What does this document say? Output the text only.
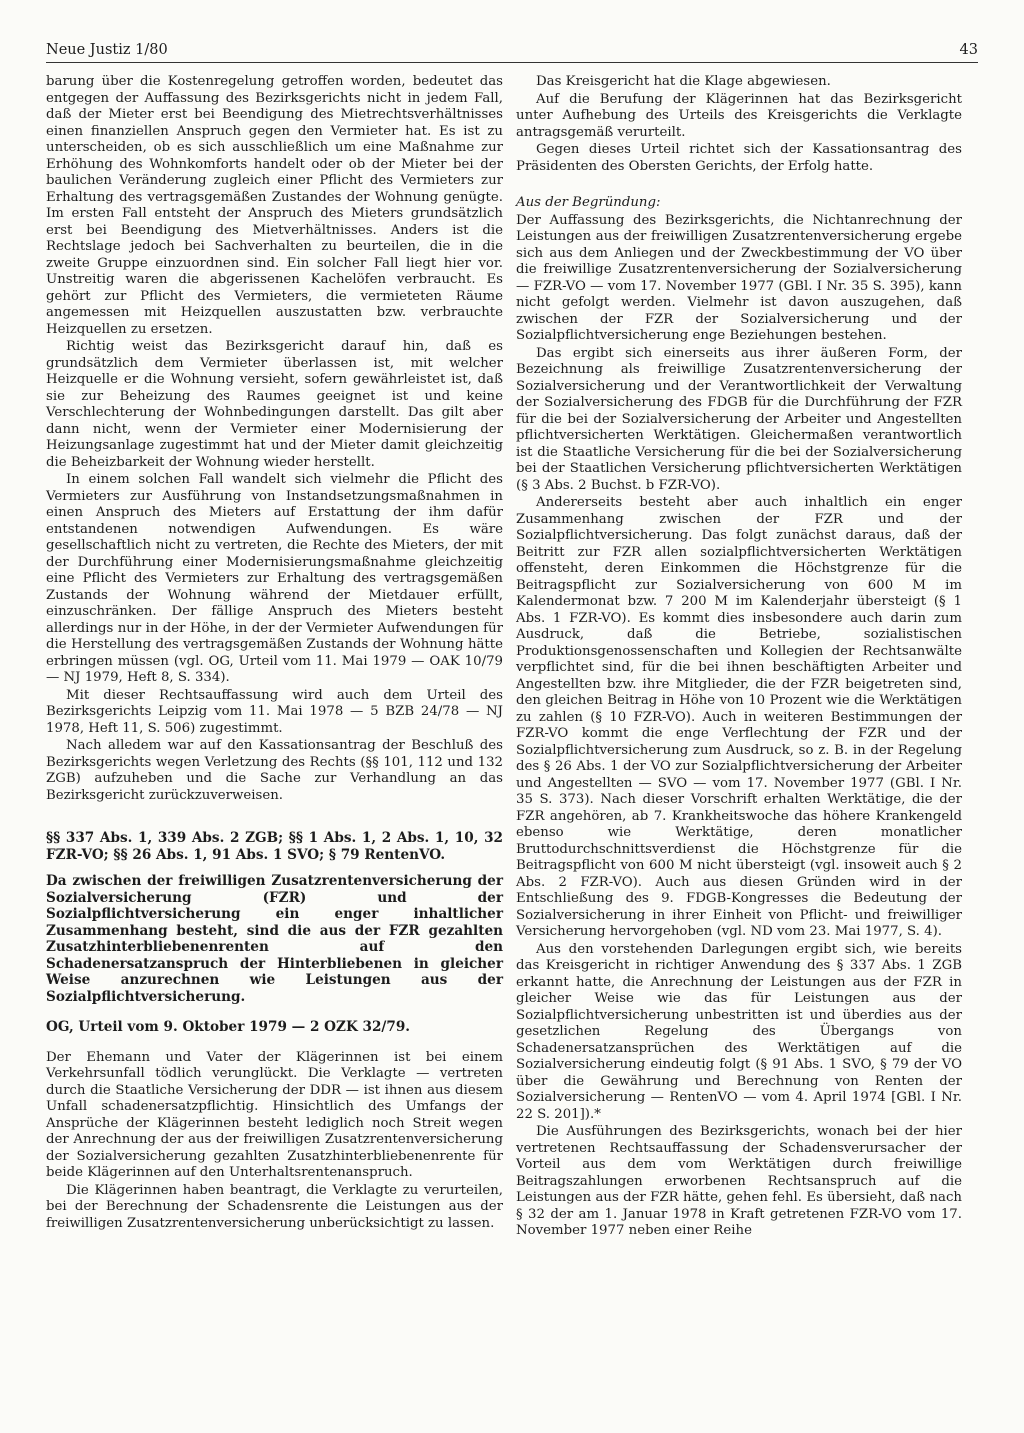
Neue Justiz 1/80	43

barung über die Kostenregelung getroffen worden, bedeutet das entgegen der Auffassung des Bezirksgerichts nicht in jedem Fall, daß der Mieter erst bei Beendigung des Mietrechtsverhältnisses einen finanziellen Anspruch gegen den Vermieter hat. Es ist zu unterscheiden, ob es sich ausschließlich um eine Maßnahme zur Erhöhung des Wohnkomforts handelt oder ob der Mieter bei der baulichen Veränderung zugleich einer Pflicht des Vermieters zur Erhaltung des vertragsgemäßen Zustandes der Wohnung genügte. Im ersten Fall entsteht der Anspruch des Mieters grundsätzlich erst bei Beendigung des Mietverhältnisses. Anders ist die Rechtslage jedoch bei Sachverhalten zu beurteilen, die in die zweite Gruppe einzuordnen sind. Ein solcher Fall liegt hier vor. Unstreitig waren die abgerissenen Kachelöfen verbraucht. Es gehört zur Pflicht des Vermieters, die vermieteten Räume angemessen mit Heizquellen auszustatten bzw. verbrauchte Heizquellen zu ersetzen.

Richtig weist das Bezirksgericht darauf hin, daß es grundsätzlich dem Vermieter überlassen ist, mit welcher Heizquelle er die Wohnung versieht, sofern gewährleistet ist, daß sie zur Beheizung des Raumes geeignet ist und keine Verschlechterung der Wohnbedingungen darstellt. Das gilt aber dann nicht, wenn der Vermieter einer Modernisierung der Heizungsanlage zugestimmt hat und der Mieter damit gleichzeitig die Beheizbarkeit der Wohnung wieder herstellt.

In einem solchen Fall wandelt sich vielmehr die Pflicht des Vermieters zur Ausführung von Instandsetzungsmaßnahmen in einen Anspruch des Mieters auf Erstattung der ihm dafür entstandenen notwendigen Aufwendungen. Es wäre gesellschaftlich nicht zu vertreten, die Rechte des Mieters, der mit der Durchführung einer Modernisierungsmaßnahme gleichzeitig eine Pflicht des Vermieters zur Erhaltung des vertragsgemäßen Zustands der Wohnung während der Mietdauer erfüllt, einzuschränken. Der fällige Anspruch des Mieters besteht allerdings nur in der Höhe, in der der Vermieter Aufwendungen für die Herstellung des vertragsgemäßen Zustands der Wohnung hätte erbringen müssen (vgl. OG, Urteil vom 11. Mai 1979 — OAK 10/79 — NJ 1979, Heft 8, S. 334).

Mit dieser Rechtsauffassung wird auch dem Urteil des Bezirksgerichts Leipzig vom 11. Mai 1978 — 5 BZB 24/78 — NJ 1978, Heft 11, S. 506) zugestimmt.

Nach alledem war auf den Kassationsantrag der Beschluß des Bezirksgerichts wegen Verletzung des Rechts (§§ 101, 112 und 132 ZGB) aufzuheben und die Sache zur Verhandlung an das Bezirksgericht zurückzuverweisen.

§§ 337 Abs. 1, 339 Abs. 2 ZGB; §§ 1 Abs. 1, 2 Abs. 1, 10, 32 FZR-VO; §§ 26 Abs. 1, 91 Abs. 1 SVO; § 79 RentenVO.

Da zwischen der freiwilligen Zusatzrentenversicherung der Sozialversicherung (FZR) und der Sozialpflichtversicherung ein enger inhaltlicher Zusammenhang besteht, sind die aus der FZR gezahlten Zusatzhinterbliebenenrenten auf den Schadenersatzanspruch der Hinterbliebenen in gleicher Weise anzurechnen wie Leistungen aus der Sozialpflichtversicherung.

OG, Urteil vom 9. Oktober 1979 — 2 OZK 32/79.

Der Ehemann und Vater der Klägerinnen ist bei einem Verkehrsunfall tödlich verunglückt. Die Verklagte — vertreten durch die Staatliche Versicherung der DDR — ist ihnen aus diesem Unfall schadenersatzpflichtig. Hinsichtlich des Umfangs der Ansprüche der Klägerinnen besteht lediglich noch Streit wegen der Anrechnung der aus der freiwilligen Zusatzrentenversicherung der Sozialversicherung gezahlten Zusatzhinterbliebenenrente für beide Klägerinnen auf den Unterhaltsrentenanspruch.

Die Klägerinnen haben beantragt, die Verklagte zu verurteilen, bei der Berechnung der Schadensrente die Leistungen aus der freiwilligen Zusatzrentenversicherung unberücksichtigt zu lassen.

Das Kreisgericht hat die Klage abgewiesen.

Auf die Berufung der Klägerinnen hat das Bezirksgericht unter Aufhebung des Urteils des Kreisgerichts die Verklagte antragsgemäß verurteilt.

Gegen dieses Urteil richtet sich der Kassationsantrag des Präsidenten des Obersten Gerichts, der Erfolg hatte.

Aus der Begründung:

Der Auffassung des Bezirksgerichts, die Nichtanrechnung der Leistungen aus der freiwilligen Zusatzrentenversicherung ergebe sich aus dem Anliegen und der Zweckbestimmung der VO über die freiwillige Zusatzrentenversicherung der Sozialversicherung — FZR-VO — vom 17. November 1977 (GBl. I Nr. 35 S. 395), kann nicht gefolgt werden. Vielmehr ist davon auszugehen, daß zwischen der FZR der Sozialversicherung und der Sozialpflichtversicherung enge Beziehungen bestehen.

Das ergibt sich einerseits aus ihrer äußeren Form, der Bezeichnung als freiwillige Zusatzrentenversicherung der Sozialversicherung und der Verantwortlichkeit der Verwaltung der Sozialversicherung des FDGB für die Durchführung der FZR für die bei der Sozialversicherung der Arbeiter und Angestellten pflichtversicherten Werktätigen. Gleichermaßen verantwortlich ist die Staatliche Versicherung für die bei der Sozialversicherung bei der Staatlichen Versicherung pflichtversicherten Werktätigen (§ 3 Abs. 2 Buchst. b FZR-VO).

Andererseits besteht aber auch inhaltlich ein enger Zusammenhang zwischen der FZR und der Sozialpflichtversicherung. Das folgt zunächst daraus, daß der Beitritt zur FZR allen sozialpflichtversicherten Werktätigen offensteht, deren Einkommen die Höchstgrenze für die Beitragspflicht zur Sozialversicherung von 600 M im Kalendermonat bzw. 7 200 M im Kalenderjahr übersteigt (§ 1 Abs. 1 FZR-VO). Es kommt dies insbesondere auch darin zum Ausdruck, daß die Betriebe, sozialistischen Produktionsgenossenschaften und Kollegien der Rechtsanwälte verpflichtet sind, für die bei ihnen beschäftigten Arbeiter und Angestellten bzw. ihre Mitglieder, die der FZR beigetreten sind, den gleichen Beitrag in Höhe von 10 Prozent wie die Werktätigen zu zahlen (§ 10 FZR-VO). Auch in weiteren Bestimmungen der FZR-VO kommt die enge Verflechtung der FZR und der Sozialpflichtversicherung zum Ausdruck, so z. B. in der Regelung des § 26 Abs. 1 der VO zur Sozialpflichtversicherung der Arbeiter und Angestellten — SVO — vom 17. November 1977 (GBl. I Nr. 35 S. 373). Nach dieser Vorschrift erhalten Werktätige, die der FZR angehören, ab 7. Krankheitswoche das höhere Krankengeld ebenso wie Werktätige, deren monatlicher Bruttodurchschnittsverdienst die Höchstgrenze für die Beitragspflicht von 600 M nicht übersteigt (vgl. insoweit auch § 2 Abs. 2 FZR-VO). Auch aus diesen Gründen wird in der Entschließung des 9. FDGB-Kongresses die Bedeutung der Sozialversicherung in ihrer Einheit von Pflicht- und freiwilliger Versicherung hervorgehoben (vgl. ND vom 23. Mai 1977, S. 4).

Aus den vorstehenden Darlegungen ergibt sich, wie bereits das Kreisgericht in richtiger Anwendung des § 337 Abs. 1 ZGB erkannt hatte, die Anrechnung der Leistungen aus der FZR in gleicher Weise wie das für Leistungen aus der Sozialpflichtversicherung unbestritten ist und überdies aus der gesetzlichen Regelung des Übergangs von Schadenersatzansprüchen des Werktätigen auf die Sozialversicherung eindeutig folgt (§ 91 Abs. 1 SVO, § 79 der VO über die Gewährung und Berechnung von Renten der Sozialversicherung — RentenVO — vom 4. April 1974 [GBl. I Nr. 22 S. 201]).*

Die Ausführungen des Bezirksgerichts, wonach bei der hier vertretenen Rechtsauffassung der Schadensverursacher der Vorteil aus dem vom Werktätigen durch freiwillige Beitragszahlungen erworbenen Rechtsanspruch auf die Leistungen aus der FZR hätte, gehen fehl. Es übersieht, daß nach § 32 der am 1. Januar 1978 in Kraft getretenen FZR-VO vom 17. November 1977 neben einer Reihe
